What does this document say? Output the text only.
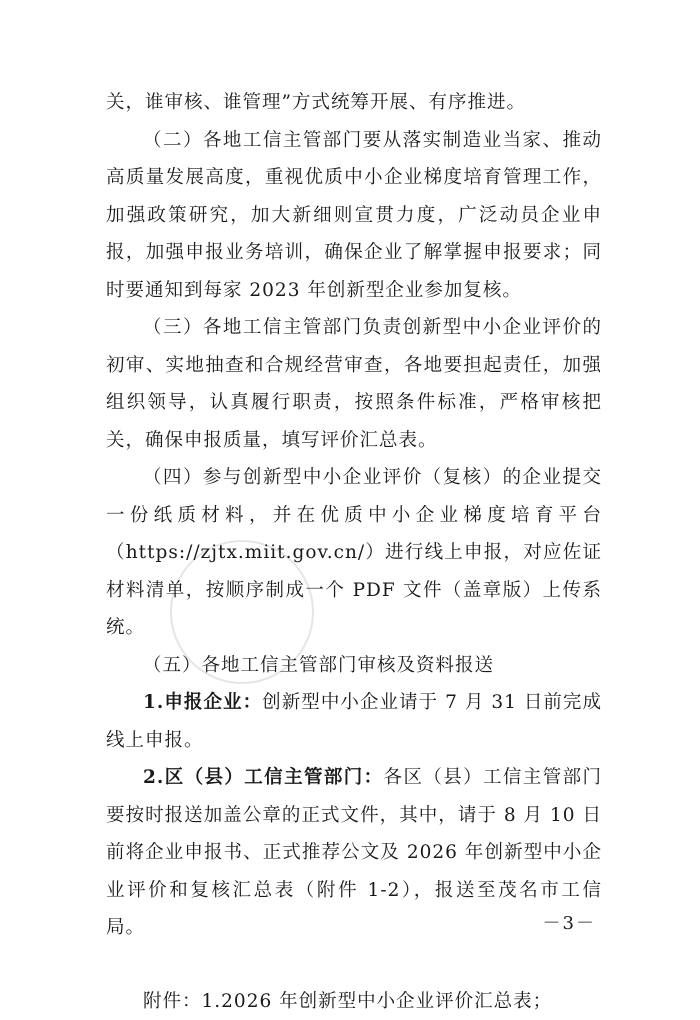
关，谁审核、谁管理”方式统筹开展、有序推进。

（二）各地工信主管部门要从落实制造业当家、推动高质量发展高度，重视优质中小企业梯度培育管理工作，加强政策研究，加大新细则宣贯力度，广泛动员企业申报，加强申报业务培训，确保企业了解掌握申报要求；同时要通知到每家 2023 年创新型企业参加复核。

（三）各地工信主管部门负责创新型中小企业评价的初审、实地抽查和合规经营审查，各地要担起责任，加强组织领导，认真履行职责，按照条件标准，严格审核把关，确保申报质量，填写评价汇总表。

（四）参与创新型中小企业评价（复核）的企业提交一份纸质材料，并在优质中小企业梯度培育平台（https://zjtx.miit.gov.cn/）进行线上申报，对应佐证材料清单，按顺序制成一个 PDF 文件（盖章版）上传系统。

（五）各地工信主管部门审核及资料报送

1.申报企业：创新型中小企业请于 7 月 31 日前完成线上申报。

2.区（县）工信主管部门：各区（县）工信主管部门要按时报送加盖公章的正式文件，其中，请于 8 月 10 日前将企业申报书、正式推荐公文及 2026 年创新型中小企业评价和复核汇总表（附件 1-2），报送至茂名市工信局。

附件：1.2026 年创新型中小企业评价汇总表；

－3－
